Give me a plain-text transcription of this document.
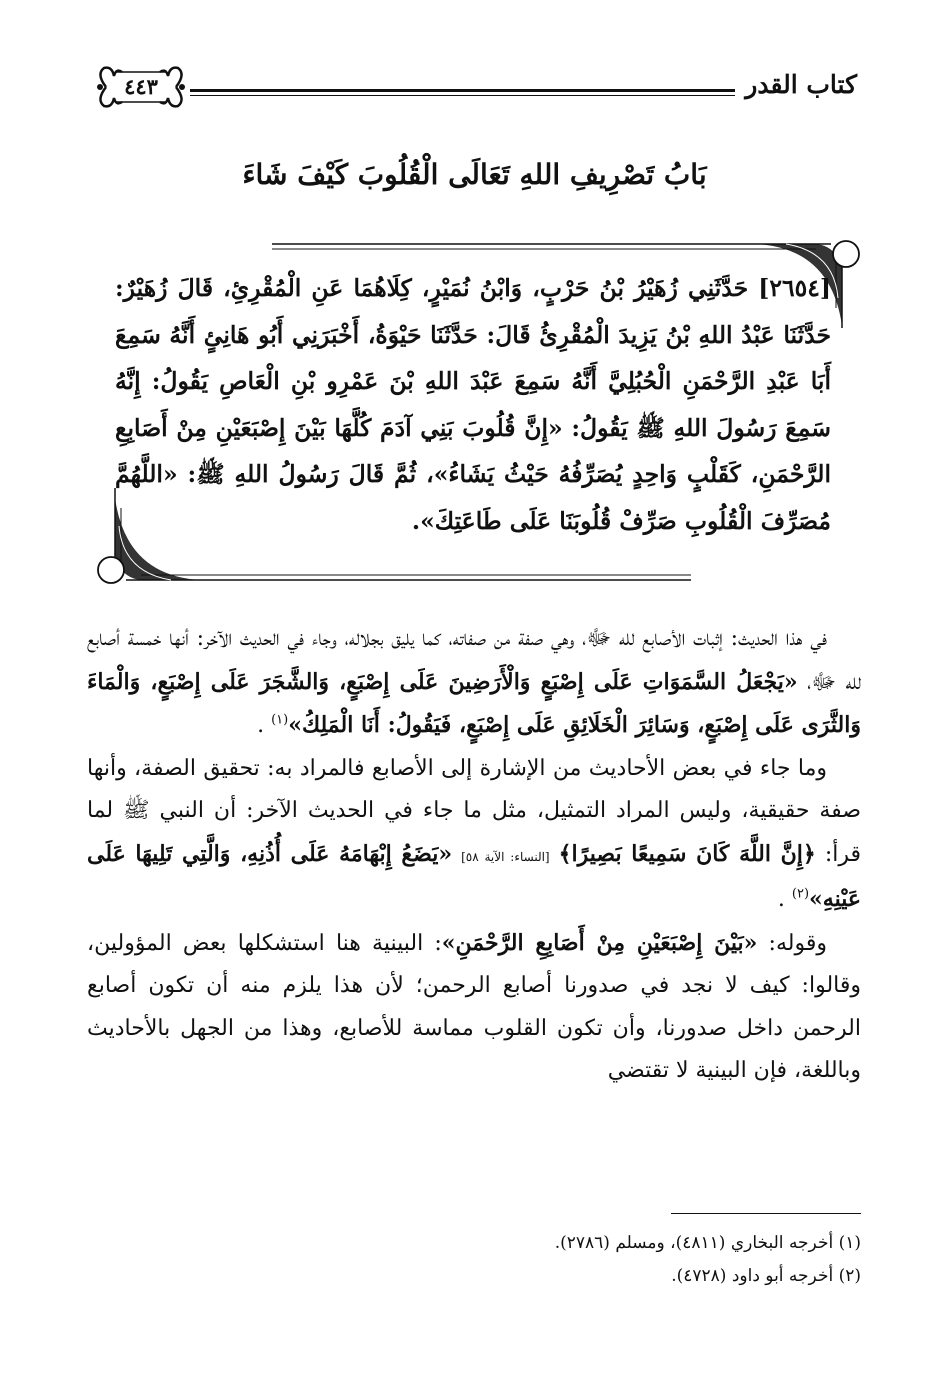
كتاب القدر
٤٤٣
بَابُ تَصْرِيفِ اللهِ تَعَالَى الْقُلُوبَ كَيْفَ شَاءَ

[٢٦٥٤] حَدَّثَنِي زُهَيْرُ بْنُ حَرْبٍ، وَابْنُ نُمَيْرٍ، كِلَاهُمَا عَنِ الْمُقْرِئِ، قَالَ زُهَيْرٌ: حَدَّثَنَا عَبْدُ اللهِ بْنُ يَزِيدَ الْمُقْرِئُ قَالَ: حَدَّثَنَا حَيْوَةُ، أَخْبَرَنِي أَبُو هَانِئٍ أَنَّهُ سَمِعَ أَبَا عَبْدِ الرَّحْمَنِ الْحُبُلِيَّ أَنَّهُ سَمِعَ عَبْدَ اللهِ بْنَ عَمْرِو بْنِ الْعَاصِ يَقُولُ: إِنَّهُ سَمِعَ رَسُولَ اللهِ ﷺ يَقُولُ: «إِنَّ قُلُوبَ بَنِي آدَمَ كُلَّهَا بَيْنَ إِصْبَعَيْنِ مِنْ أَصَابِعِ الرَّحْمَنِ، كَقَلْبٍ وَاحِدٍ يُصَرِّفُهُ حَيْثُ يَشَاءُ»، ثُمَّ قَالَ رَسُولُ اللهِ ﷺ: «اللَّهُمَّ مُصَرِّفَ الْقُلُوبِ صَرِّفْ قُلُوبَنَا عَلَى طَاعَتِكَ».

في هذا الحديث: إثبات الأصابع لله ﷻ، وهي صفة من صفاته، كما يليق بجلاله، وجاء في الحديث الآخر: أنها خمسة أصابع لله ﷻ، «يَجْعَلُ السَّمَوَاتِ عَلَى إِصْبَعٍ وَالْأَرَضِينَ عَلَى إِصْبَعٍ، وَالشَّجَرَ عَلَى إِصْبَعٍ، وَالْمَاءَ وَالثَّرَى عَلَى إِصْبَعٍ، وَسَائِرَ الْخَلَائِقِ عَلَى إِصْبَعٍ، فَيَقُولُ: أَنَا الْمَلِكُ»$^{(١)}$ .

وما جاء في بعض الأحاديث من الإشارة إلى الأصابع فالمراد به: تحقيق الصفة، وأنها صفة حقيقية، وليس المراد التمثيل، مثل ما جاء في الحديث الآخر: أن النبي ﷺ لما قرأ: ﴿إِنَّ اللَّهَ كَانَ سَمِيعًا بَصِيرًا﴾ [النساء: الآية ٥٨] «يَضَعُ إِبْهَامَهُ عَلَى أُذُنِهِ، وَالَّتِي تَلِيهَا عَلَى عَيْنِهِ»$^{(٢)}$ .

وقوله: «بَيْنَ إِصْبَعَيْنِ مِنْ أَصَابِعِ الرَّحْمَنِ»: البينية هنا استشكلها بعض المؤولين، وقالوا: كيف لا نجد في صدورنا أصابع الرحمن؛ لأن هذا يلزم منه أن تكون أصابع الرحمن داخل صدورنا، وأن تكون القلوب مماسة للأصابع، وهذا من الجهل بالأحاديث وباللغة، فإن البينية لا تقتضي

(١) أخرجه البخاري (٤٨١١)، ومسلم (٢٧٨٦).
(٢) أخرجه أبو داود (٤٧٢٨).
